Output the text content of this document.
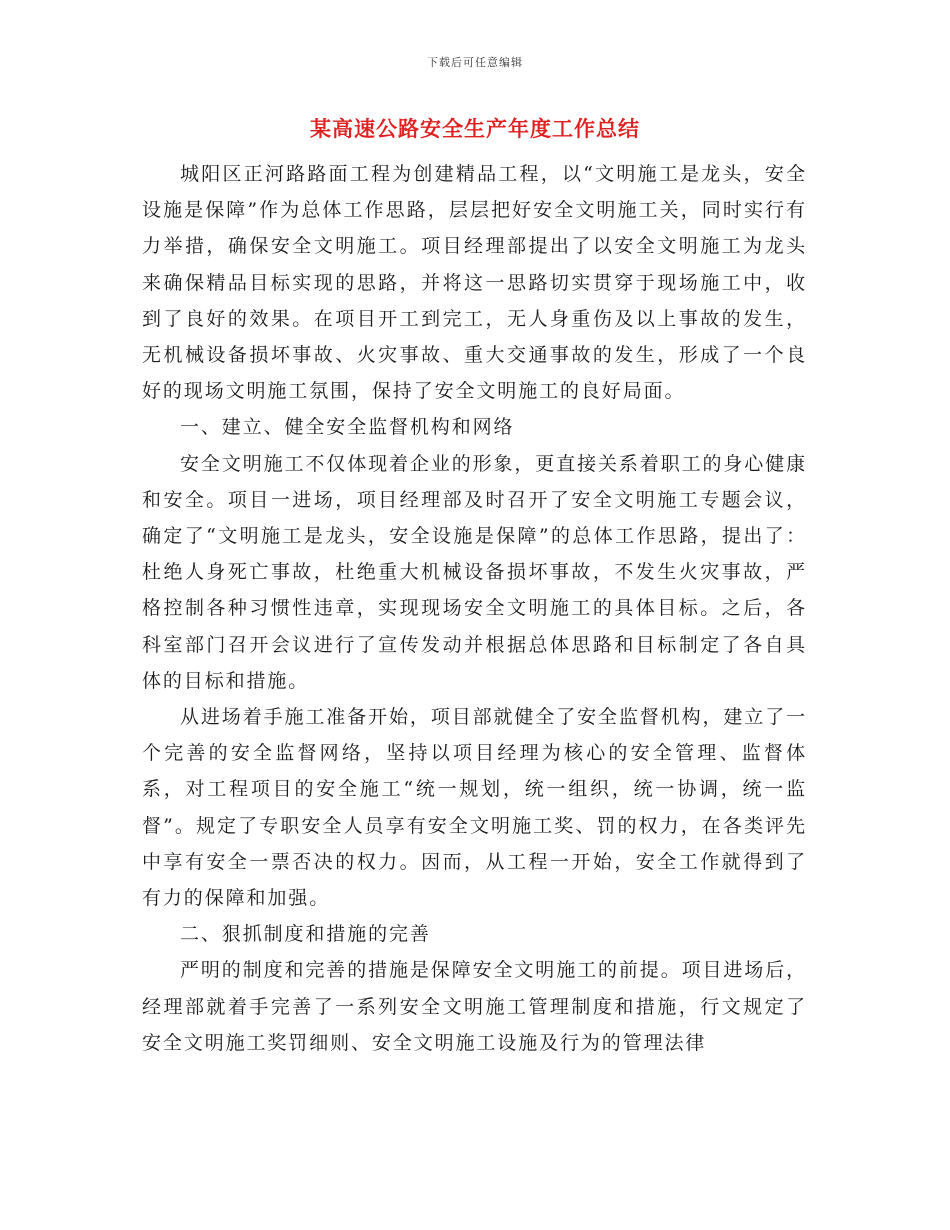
下载后可任意编辑
某高速公路安全生产年度工作总结

城阳区正河路路面工程为创建精品工程，以“文明施工是龙头，安全设施是保障”作为总体工作思路，层层把好安全文明施工关，同时实行有力举措，确保安全文明施工。项目经理部提出了以安全文明施工为龙头来确保精品目标实现的思路，并将这一思路切实贯穿于现场施工中，收到了良好的效果。在项目开工到完工，无人身重伤及以上事故的发生，无机械设备损坏事故、火灾事故、重大交通事故的发生，形成了一个良好的现场文明施工氛围，保持了安全文明施工的良好局面。

一、建立、健全安全监督机构和网络

安全文明施工不仅体现着企业的形象，更直接关系着职工的身心健康和安全。项目一进场，项目经理部及时召开了安全文明施工专题会议，确定了“文明施工是龙头，安全设施是保障”的总体工作思路，提出了：杜绝人身死亡事故，杜绝重大机械设备损坏事故，不发生火灾事故，严格控制各种习惯性违章，实现现场安全文明施工的具体目标。之后，各科室部门召开会议进行了宣传发动并根据总体思路和目标制定了各自具体的目标和措施。

从进场着手施工准备开始，项目部就健全了安全监督机构，建立了一个完善的安全监督网络，坚持以项目经理为核心的安全管理、监督体系，对工程项目的安全施工“统一规划，统一组织，统一协调，统一监督”。规定了专职安全人员享有安全文明施工奖、罚的权力，在各类评先中享有安全一票否决的权力。因而，从工程一开始，安全工作就得到了有力的保障和加强。

二、狠抓制度和措施的完善

严明的制度和完善的措施是保障安全文明施工的前提。项目进场后，经理部就着手完善了一系列安全文明施工管理制度和措施，行文规定了安全文明施工奖罚细则、安全文明施工设施及行为的管理法律
